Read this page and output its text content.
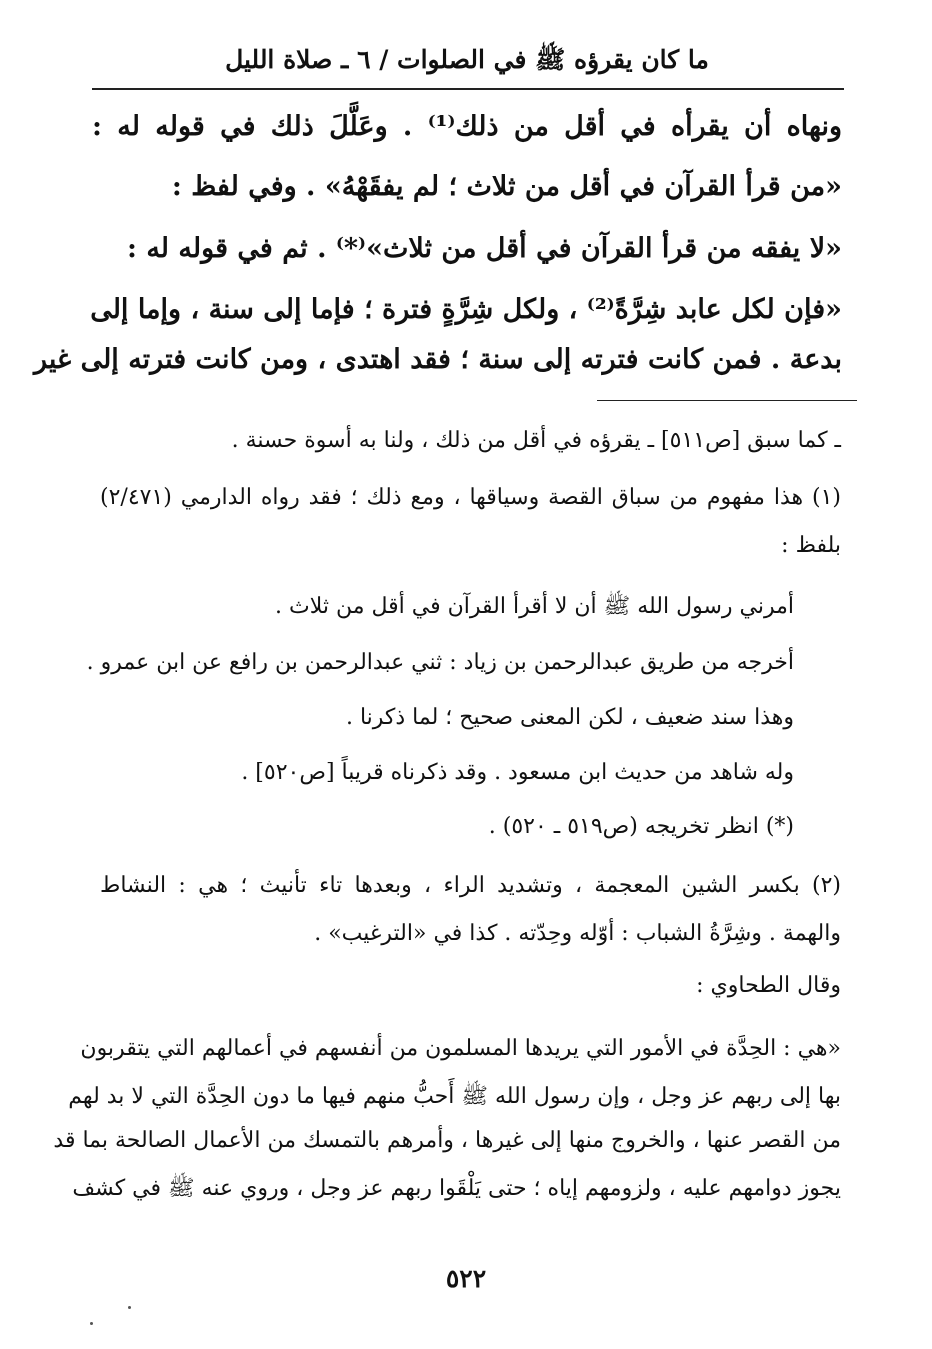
ما كان يقرؤه ﷺ في الصلوات / ٦ ـ صلاة الليل
ونهاه أن يقرأه في أقل من ذلك⁽¹⁾ . وعَلَّلَ ذلك في قوله له :
«من قرأ القرآن في أقل من ثلاث ؛ لم يفقَهْهُ» . وفي لفظ :
«لا يفقه من قرأ القرآن في أقل من ثلاث»⁽*⁾ . ثم في قوله له :
«فإن لكل عابد شِرَّةً⁽²⁾ ، ولكل شِرَّةٍ فترة ؛ فإما إلى سنة ، وإما إلى
بدعة . فمن كانت فترته إلى سنة ؛ فقد اهتدى ، ومن كانت فترته إلى غير
ـ كما سبق [ص٥١١] ـ يقرؤه في أقل من ذلك ، ولنا به أسوة حسنة .
(١) هذا مفهوم من سباق القصة وسياقها ، ومع ذلك ؛ فقد رواه الدارمي (٢/٤٧١)
بلفظ :
أمرني رسول الله ﷺ أن لا أقرأ القرآن في أقل من ثلاث .
أخرجه من طريق عبدالرحمن بن زياد : ثني عبدالرحمن بن رافع عن ابن عمرو .
وهذا سند ضعيف ، لكن المعنى صحيح ؛ لما ذكرنا .
وله شاهد من حديث ابن مسعود . وقد ذكرناه قريباً [ص٥٢٠] .
(*) انظر تخريجه (ص٥١٩ ـ ٥٢٠) .
(٢) بكسر الشين المعجمة ، وتشديد الراء ، وبعدها تاء تأنيث ؛ هي : النشاط
والهمة . وشِرَّةُ الشباب : أوّله وحِدّته . كذا في «الترغيب» .
وقال الطحاوي :
«هي : الحِدَّة في الأمور التي يريدها المسلمون من أنفسهم في أعمالهم التي يتقربون
بها إلى ربهم عز وجل ، وإن رسول الله ﷺ أَحبُّ منهم فيها ما دون الحِدَّة التي لا بد لهم
من القصر عنها ، والخروج منها إلى غيرها ، وأمرهم بالتمسك من الأعمال الصالحة بما قد
يجوز دوامهم عليه ، ولزومهم إياه ؛ حتى يَلْقَوا ربهم عز وجل ، وروي عنه ﷺ في كشف
٥٢٢
